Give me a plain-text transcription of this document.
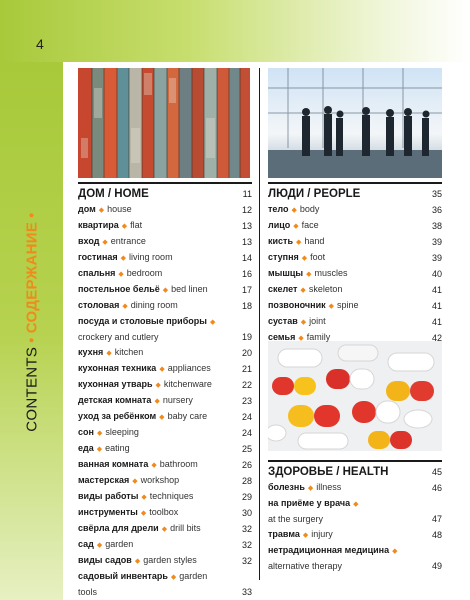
4
CONTENTS•СОДЕРЖАНИЕ•
ДОМ / HOME	11
дом ◆ house	12
квартира ◆ flat	13
вход ◆ entrance	13
гостиная ◆ living room	14
спальня ◆ bedroom	16
постельное бельё ◆ bed linen	17
столовая ◆ dining room	18
посуда и столовые приборы ◆
crockery and cutlery	19
кухня ◆ kitchen	20
кухонная техника ◆ appliances	21
кухонная утварь ◆ kitchenware	22
детская комната ◆ nursery	23
уход за ребёнком ◆ baby care	24
сон ◆ sleeping	24
еда ◆ eating	25
ванная комната ◆ bathroom	26
мастерская ◆ workshop	28
виды работы ◆ techniques	29
инструменты ◆ toolbox	30
свёрла для дрели ◆ drill bits	32
сад ◆ garden	32
виды садов ◆ garden styles	32
садовый инвентарь ◆ garden
tools	33
ЛЮДИ / PEOPLE	35
тело ◆ body	36
лицо ◆ face	38
кисть ◆ hand	39
ступня ◆ foot	39
мышцы ◆ muscles	40
скелет ◆ skeleton	41
позвоночник ◆ spine	41
сустав ◆ joint	41
семья ◆ family	42
ЗДОРОВЬЕ / HEALTH	45
болезнь ◆ illness	46
на приёме у врача ◆
at the surgery	47
травма ◆ injury	48
нетрадиционная медицина ◆
alternative therapy	49
